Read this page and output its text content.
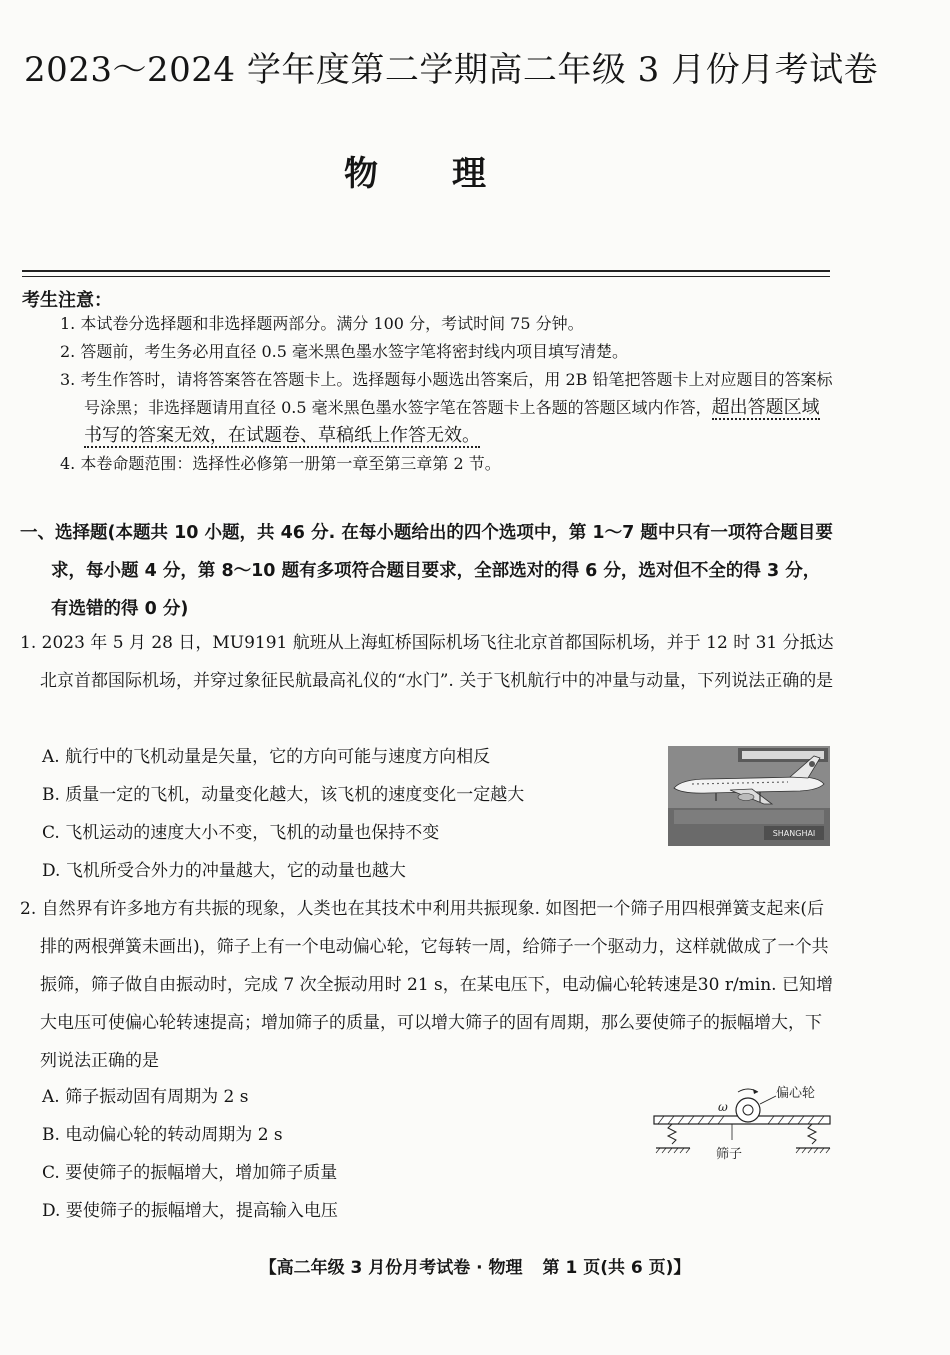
2023～2024 学年度第二学期高二年级 3 月份月考试卷
物理
考生注意：

1. 本试卷分选择题和非选择题两部分。满分 100 分，考试时间 75 分钟。

2. 答题前，考生务必用直径 0.5 毫米黑色墨水签字笔将密封线内项目填写清楚。

3. 考生作答时，请将答案答在答题卡上。选择题每小题选出答案后，用 2B 铅笔把答题卡上对应题目的答案标号涂黑；非选择题请用直径 0.5 毫米黑色墨水签字笔在答题卡上各题的答题区域内作答，超出答题区域书写的答案无效，在试题卷、草稿纸上作答无效。

4. 本卷命题范围：选择性必修第一册第一章至第三章第 2 节。

一、选择题(本题共 10 小题，共 46 分. 在每小题给出的四个选项中，第 1～7 题中只有一项符合题目要求，每小题 4 分，第 8～10 题有多项符合题目要求，全部选对的得 6 分，选对但不全的得 3 分，有选错的得 0 分)
1. 2023 年 5 月 28 日，MU9191 航班从上海虹桥国际机场飞往北京首都国际机场，并于 12 时 31 分抵达北京首都国际机场，并穿过象征民航最高礼仪的“水门”. 关于飞机航行中的冲量与动量，下列说法正确的是
A. 航行中的飞机动量是矢量，它的方向可能与速度方向相反
B. 质量一定的飞机，动量变化越大，该飞机的速度变化一定越大
C. 飞机运动的速度大小不变，飞机的动量也保持不变
D. 飞机所受合外力的冲量越大，它的动量也越大
SHANGHAI
2. 自然界有许多地方有共振的现象，人类也在其技术中利用共振现象. 如图把一个筛子用四根弹簧支起来(后排的两根弹簧未画出)，筛子上有一个电动偏心轮，它每转一周，给筛子一个驱动力，这样就做成了一个共振筛，筛子做自由振动时，完成 7 次全振动用时 21 s，在某电压下，电动偏心轮转速是30 r/min. 已知增大电压可使偏心轮转速提高；增加筛子的质量，可以增大筛子的固有周期，那么要使筛子的振幅增大，下列说法正确的是
A. 筛子振动固有周期为 2 s
B. 电动偏心轮的转动周期为 2 s
C. 要使筛子的振幅增大，增加筛子质量
D. 要使筛子的振幅增大，提高输入电压
偏心轮
ω
筛子
【高二年级 3 月份月考试卷 · 物理 第 1 页(共 6 页)】
